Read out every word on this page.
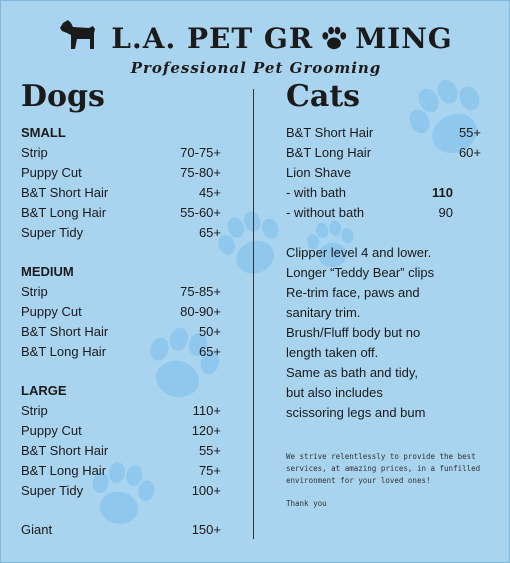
L.A. PET GR MING
Professional Pet Grooming
Dogs
SMALL
Strip	70-75+
Puppy Cut	75-80+
B&T Short Hair	45+
B&T Long Hair	55-60+
Super Tidy	65+
MEDIUM
Strip	75-85+
Puppy Cut	80-90+
B&T Short Hair	50+
B&T Long Hair	65+
LARGE
Strip	110+
Puppy Cut	120+
B&T Short Hair	55+
B&T Long Hair	75+
Super Tidy	100+
Giant	150+
Cats
B&T Short Hair	55+
B&T Long Hair	60+
Lion Shave
- with bath	110
- without bath	90
Clipper level 4 and lower.
Longer “Teddy Bear” clips
Re-trim face, paws and
sanitary trim.
Brush/Fluff body but no
length taken off.
Same as bath and tidy,
but also includes
scissoring legs and bum
We strive relentlessly to provide the best services, at amazing prices, in a funfilled environment for your loved ones!
Thank you
